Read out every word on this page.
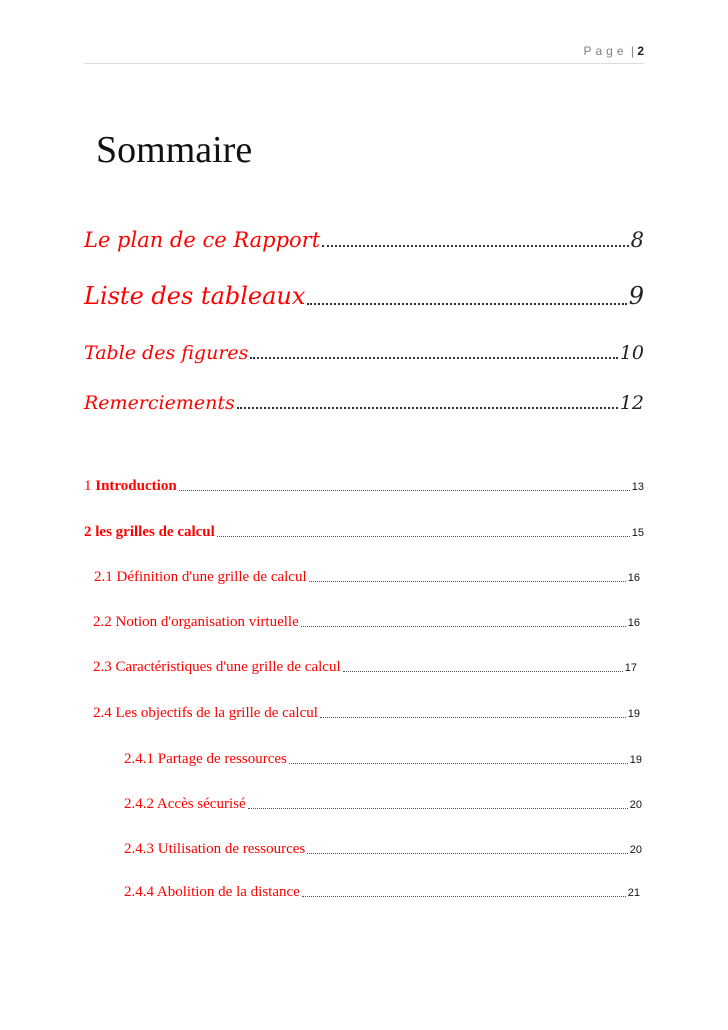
Page | 2
Sommaire
Le plan de ce Rapport	8
Liste des tableaux	9
Table des figures	10
Remerciements	12
1 Introduction	13
2 les grilles de calcul	15
2.1 Définition d'une grille de calcul	16
2.2 Notion d'organisation virtuelle	16
2.3 Caractéristiques d'une grille de calcul	17
2.4 Les objectifs de la grille de calcul	19
2.4.1 Partage de ressources	19
2.4.2 Accès sécurisé	20
2.4.3 Utilisation de ressources	20
2.4.4 Abolition de la distance	21
